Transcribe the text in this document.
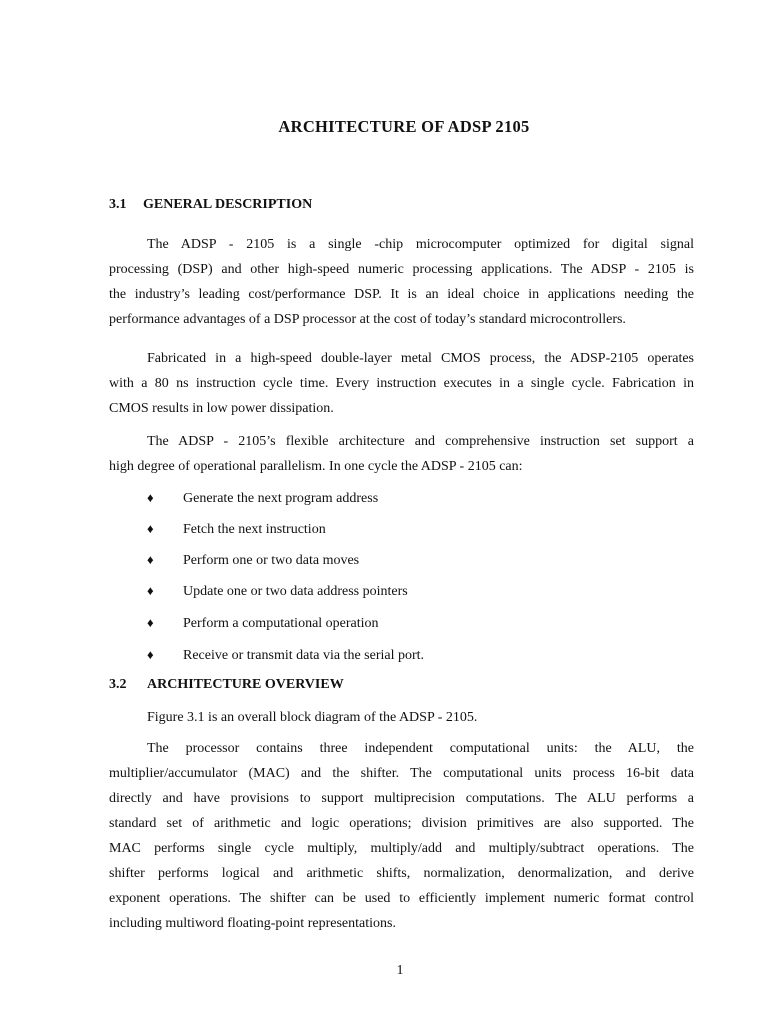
ARCHITECTURE OF ADSP 2105
3.1 GENERAL DESCRIPTION
The ADSP - 2105 is a single -chip microcomputer optimized for digital signal
processing (DSP) and other high-speed numeric processing applications. The ADSP - 2105 is
the industry’s leading cost/performance DSP. It is an ideal choice in applications needing the
performance advantages of a DSP processor at the cost of today’s standard microcontrollers.
Fabricated in a high-speed double-layer metal CMOS process, the ADSP-2105 operates
with a 80 ns instruction cycle time. Every instruction executes in a single cycle. Fabrication in
CMOS results in low power dissipation.
The ADSP - 2105’s flexible architecture and comprehensive instruction set support a
high degree of operational parallelism. In one cycle the ADSP - 2105 can:
♦ Generate the next program address
♦ Fetch the next instruction
♦ Perform one or two data moves
♦ Update one or two data address pointers
♦ Perform a computational operation
♦ Receive or transmit data via the serial port.
3.2 ARCHITECTURE OVERVIEW
Figure 3.1 is an overall block diagram of the ADSP - 2105.
The processor contains three independent computational units: the ALU, the
multiplier/accumulator (MAC) and the shifter. The computational units process 16-bit data
directly and have provisions to support multiprecision computations. The ALU performs a
standard set of arithmetic and logic operations; division primitives are also supported. The
MAC performs single cycle multiply, multiply/add and multiply/subtract operations. The
shifter performs logical and arithmetic shifts, normalization, denormalization, and derive
exponent operations. The shifter can be used to efficiently implement numeric format control
including multiword floating-point representations.
1
